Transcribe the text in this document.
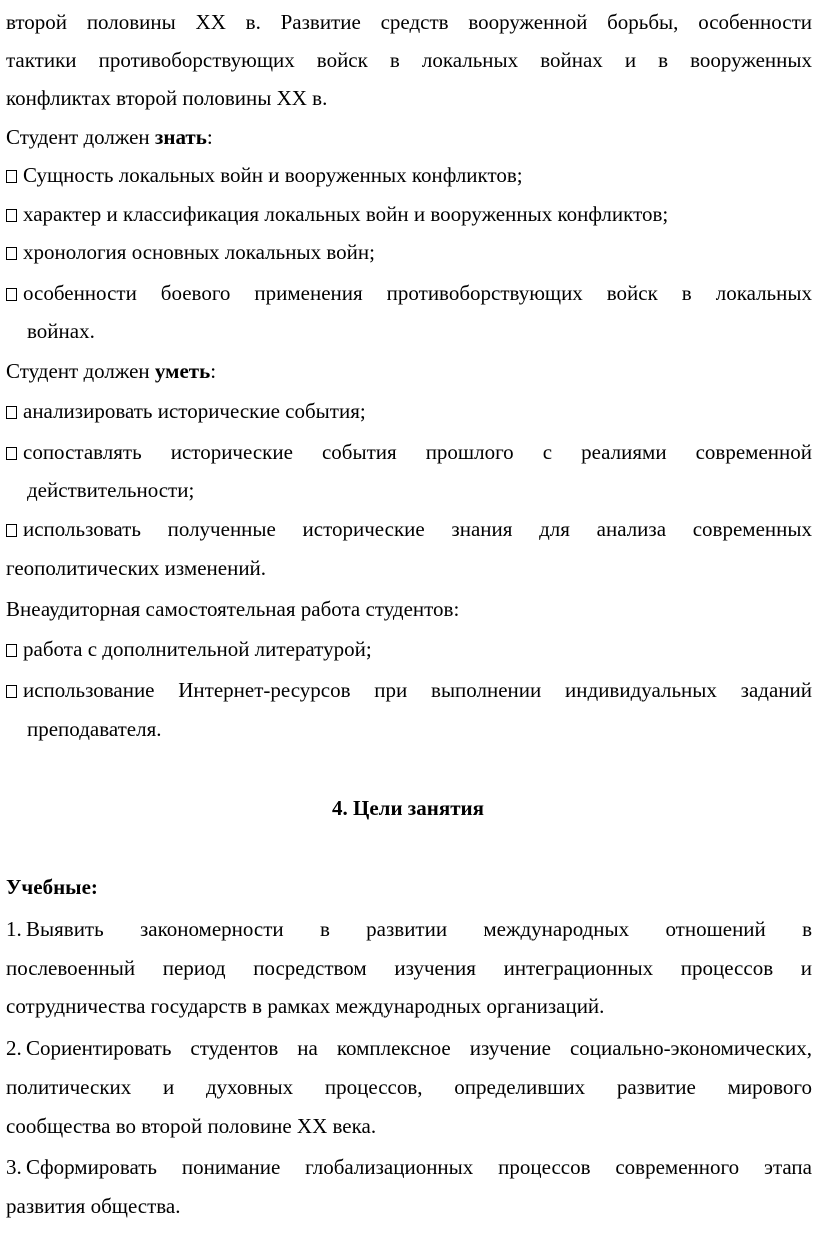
второй половины XX в. Развитие средств вооруженной борьбы, особенности
тактики противоборствующих войск в локальных войнах и в вооруженных
конфликтах второй половины XX в.
Студент должен знать:
Сущность локальных войн и вооруженных конфликтов;
характер и классификация локальных войн и вооруженных конфликтов;
хронология основных локальных войн;
особенности боевого применения противоборствующих войск в локальных
войнах.
Студент должен уметь:
анализировать исторические события;
сопоставлять исторические события прошлого с реалиями современной
действительности;
использовать полученные исторические знания для анализа современных
геополитических изменений.
Внеаудиторная самостоятельная работа студентов:
работа с дополнительной литературой;
использование Интернет-ресурсов при выполнении индивидуальных заданий
преподавателя.
4. Цели занятия
Учебные:
1. Выявить закономерности в развитии международных отношений в
послевоенный период посредством изучения интеграционных процессов и
сотрудничества государств в рамках международных организаций.
2. Сориентировать студентов на комплексное изучение социально-экономических,
политических и духовных процессов, определивших развитие мирового
сообщества во второй половине XX века.
3. Сформировать понимание глобализационных процессов современного этапа
развития общества.
